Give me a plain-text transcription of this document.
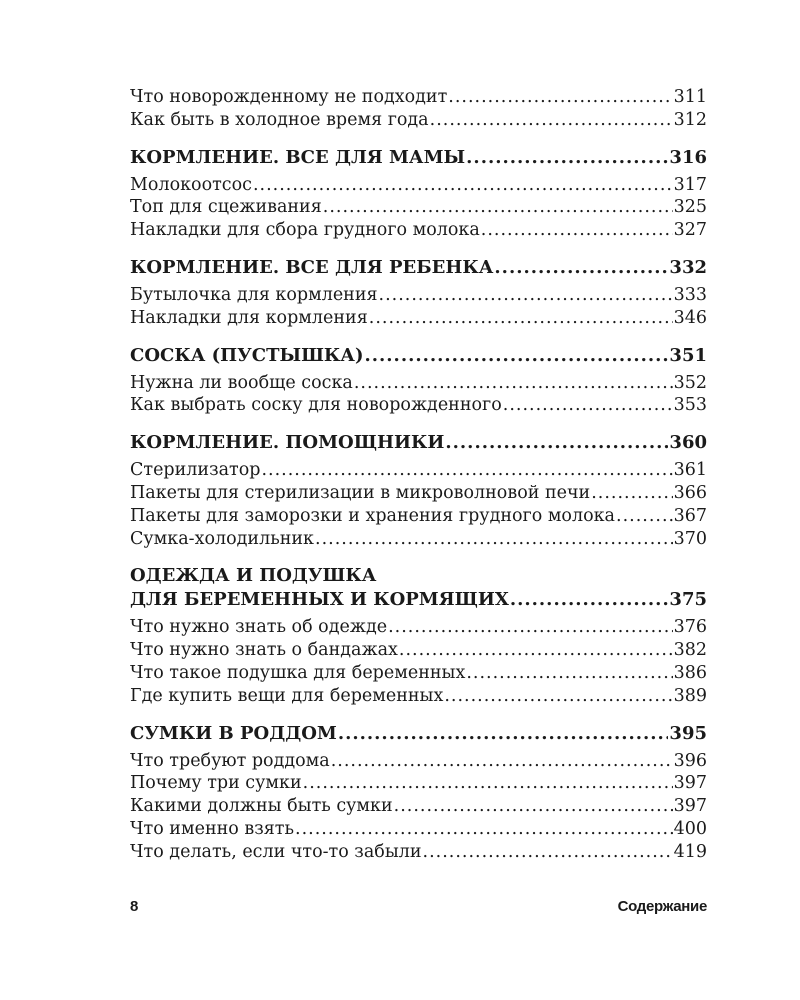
Что новорожденному не подходит .....	311
Как быть в холодное время года .....	312
КОРМЛЕНИЕ. ВСЕ ДЛЯ МАМЫ .....	316
Молокоотсос .....	317
Топ для сцеживания .....	325
Накладки для сбора грудного молока .....	327
КОРМЛЕНИЕ. ВСЕ ДЛЯ РЕБЕНКА .....	332
Бутылочка для кормления .....	333
Накладки для кормления .....	346
СОСКА (ПУСТЫШКА) .....	351
Нужна ли вообще соска .....	352
Как выбрать соску для новорожденного .....	353
КОРМЛЕНИЕ. ПОМОЩНИКИ .....	360
Стерилизатор .....	361
Пакеты для стерилизации в микроволновой печи .....	366
Пакеты для заморозки и хранения грудного молока .....	367
Сумка-холодильник .....	370
ОДЕЖДА И ПОДУШКА
ДЛЯ БЕРЕМЕННЫХ И КОРМЯЩИХ .....	375
Что нужно знать об одежде .....	376
Что нужно знать о бандажах .....	382
Что такое подушка для беременных .....	386
Где купить вещи для беременных .....	389
СУМКИ В РОДДОМ .....	395
Что требуют роддома .....	396
Почему три сумки .....	397
Какими должны быть сумки .....	397
Что именно взять .....	400
Что делать, если что-то забыли .....	419
8	Содержание
